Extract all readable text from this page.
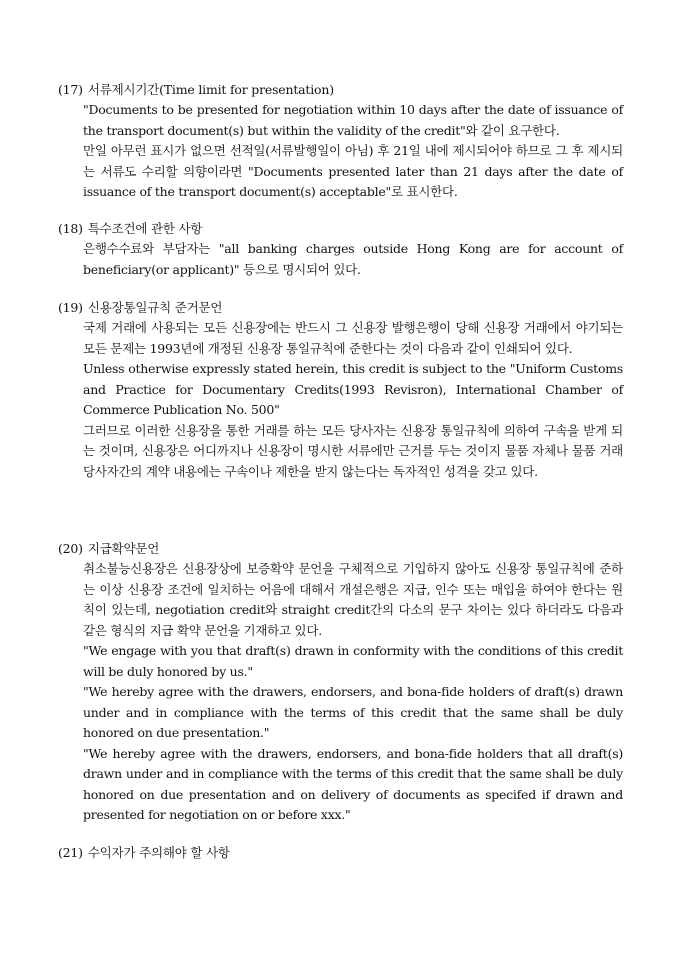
(17) 서류제시기간(Time limit for presentation)

"Documents to be presented for negotiation within 10 days after the date of issuance of the transport document(s) but within the validity of the credit"와 같이 요구한다.

만일 아무런 표시가 없으면 선적일(서류발행일이 아님) 후 21일 내에 제시되어야 하므로 그 후 제시되는 서류도 수리할 의향이라면 "Documents presented later than 21 days after the date of issuance of the transport document(s) acceptable"로 표시한다.

(18) 특수조건에 관한 사항

은행수수료와 부담자는 "all banking charges outside Hong Kong are for account of beneficiary(or applicant)" 등으로 명시되어 있다.

(19) 신용장통일규칙 준거문언

국제 거래에 사용되는 모든 신용장에는 반드시 그 신용장 발행은행이 당해 신용장 거래에서 야기되는 모든 문제는 1993년에 개정된 신용장 통일규칙에 준한다는 것이 다음과 같이 인쇄되어 있다.

Unless otherwise expressly stated herein, this credit is subject to the "Uniform Customs and Practice for Documentary Credits(1993 Revisron), International Chamber of Commerce Publication No. 500"

그러므로 이러한 신용장을 통한 거래를 하는 모든 당사자는 신용장 통일규칙에 의하여 구속을 받게 되는 것이며, 신용장은 어디까지나 신용장이 명시한 서류에만 근거를 두는 것이지 물품 자체나 물품 거래 당사자간의 계약 내용에는 구속이나 제한을 받지 않는다는 독자적인 성격을 갖고 있다.

(20) 지급확약문언

취소불능신용장은 신용장상에 보증확약 문언을 구체적으로 기입하지 않아도 신용장 통일규칙에 준하는 이상 신용장 조건에 일치하는 어음에 대해서 개설은행은 지급, 인수 또는 매입을 하여야 한다는 원칙이 있는데, negotiation credit와 straight credit간의 다소의 문구 차이는 있다 하더라도 다음과 같은 형식의 지급 확약 문언을 기재하고 있다.

"We engage with you that draft(s) drawn in conformity with the conditions of this credit will be duly honored by us."

"We hereby agree with the drawers, endorsers, and bona-fide holders of draft(s) drawn under and in compliance with the terms of this credit that the same shall be duly honored on due presentation."

"We hereby agree with the drawers, endorsers, and bona-fide holders that all draft(s) drawn under and in compliance with the terms of this credit that the same shall be duly honored on due presentation and on delivery of documents as specifed if drawn and presented for negotiation on or before xxx."

(21) 수익자가 주의해야 할 사항
